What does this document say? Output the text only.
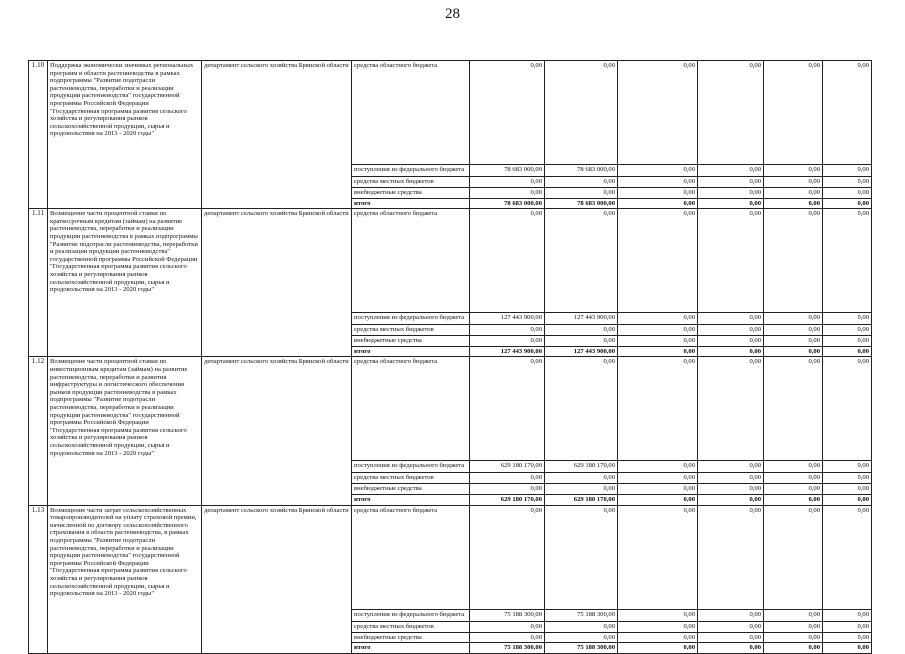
28
1.10	Поддержка экономически значимых региональных программ в области растениеводства в рамках подпрограммы "Развитие подотрасли растениеводства, переработки и реализации продукции растениеводства" государственной программы Российской Федерации "Государственная программа развития сельского хозяйства и регулирования рынков сельскохозяйственной продукции, сырья и продовольствия на 2013 - 2020 годы"	департамент сельского хозяйства Брянской области	средства областного бюджета	0,00	0,00	0,00	0,00	0,00	0,00
			поступления из федерального бюджета	78 683 000,00	78 683 000,00	0,00	0,00	0,00	0,00
			средства местных бюджетов	0,00	0,00	0,00	0,00	0,00	0,00
			внебюджетные средства	0,00	0,00	0,00	0,00	0,00	0,00
			итого	78 683 000,00	78 683 000,00	0,00	0,00	0,00	0,00
1.11	Возмещение части процентной ставки по краткосрочным кредитам (займам) на развитие растениеводства, переработки и реализации продукции растениеводства в рамках подпрограммы "Развитие подотрасли растениеводства, переработки и реализации продукции растениеводства" государственной программы Российской Федерации "Государственная программа развития сельского хозяйства и регулирования рынков сельскохозяйственной продукции, сырья и продовольствия на 2013 - 2020 годы"	департамент сельского хозяйства Брянской области	средства областного бюджета	0,00	0,00	0,00	0,00	0,00	0,00
			поступления из федерального бюджета	127 443 900,00	127 443 900,00	0,00	0,00	0,00	0,00
			средства местных бюджетов	0,00	0,00	0,00	0,00	0,00	0,00
			внебюджетные средства	0,00	0,00	0,00	0,00	0,00	0,00
			итого	127 443 900,00	127 443 900,00	0,00	0,00	0,00	0,00
1.12	Возмещение части процентной ставки по инвестиционным кредитам (займам) на развитие растениеводства, переработки и развития инфраструктуры и логистического обеспечения рынков продукции растениеводства в рамках подпрограммы "Развитие подотрасли растениеводства, переработки и реализации продукции растениеводства" государственной программы Российской Федерации "Государственная программа развития сельского хозяйства и регулирования рынков сельскохозяйственной продукции, сырья и продовольствия на 2013 - 2020 годы"	департамент сельского хозяйства Брянской области	средства областного бюджета	0,00	0,00	0,00	0,00	0,00	0,00
			поступления из федерального бюджета	629 180 170,00	629 180 170,00	0,00	0,00	0,00	0,00
			средства местных бюджетов	0,00	0,00	0,00	0,00	0,00	0,00
			внебюджетные средства	0,00	0,00	0,00	0,00	0,00	0,00
			итого	629 180 170,00	629 180 170,00	0,00	0,00	0,00	0,00
1.13	Возмещение части затрат сельскохозяйственных товаропроизводителей на уплату страховой премии, начисленной по договору сельскохозяйственного страхования в области растениеводства, в рамках подпрограммы "Развитие подотрасли растениеводства, переработки и реализации продукции растениеводства" государственной программы Российской Федерации "Государственная программа развития сельского хозяйства и регулирования рынков сельскохозяйственной продукции, сырья и продовольствия на 2013 - 2020 годы"	департамент сельского хозяйства Брянской области	средства областного бюджета	0,00	0,00	0,00	0,00	0,00	0,00
			поступления из федерального бюджета	75 188 300,00	75 188 300,00	0,00	0,00	0,00	0,00
			средства местных бюджетов	0,00	0,00	0,00	0,00	0,00	0,00
			внебюджетные средства	0,00	0,00	0,00	0,00	0,00	0,00
			итого	75 188 300,00	75 188 300,00	0,00	0,00	0,00	0,00
